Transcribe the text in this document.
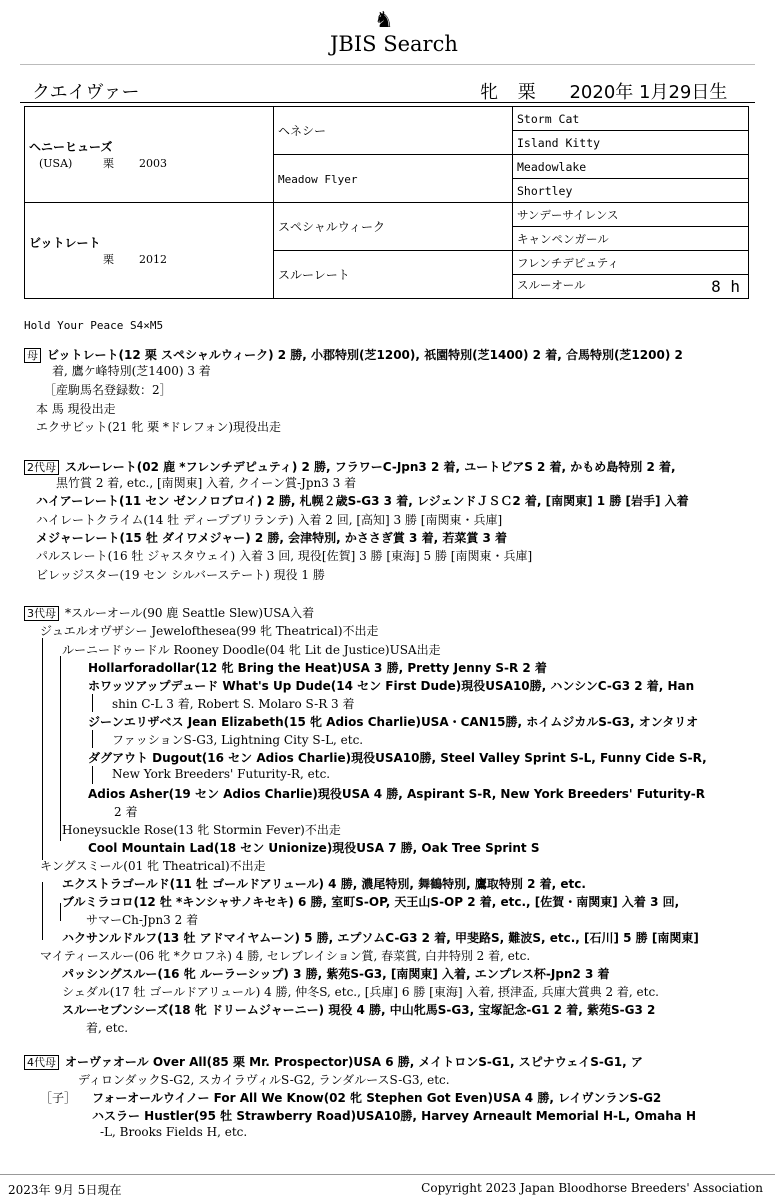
♞
JBIS Search
クエイヴァー	牝 栗 2020年 1月29日生
ヘニーヒューズ
(USA) 栗 2003	ヘネシー	Storm Cat
		Island Kitty
	Meadow Flyer	Meadowlake
		Shortley

ビットレート
栗 2012	スペシャルウィーク	サンデーサイレンス
		キャンペンガール
	スルーレート	フレンチデピュティ
		スルーオール 8 h
Hold Your Peace S4×M5
母 ビットレート(12 栗 スペシャルウィーク) 2 勝, 小郡特別(芝1200), 祇園特別(芝1400) 2 着, 合馬特別(芝1200) 2
着, 鷹ケ峰特別(芝1400) 3 着
［産駒馬名登録数：2］
本 馬 現役出走
エクサビット(21 牝 栗 *ドレフォン)現役出走
2代母 スルーレート(02 鹿 *フレンチデピュティ) 2 勝, フラワーC-Jpn3 2 着, ユートピアS 2 着, かもめ島特別 2 着,
黒竹賞 2 着, etc., [南関東] 入着, クイーン賞-Jpn3 3 着
ハイアーレート(11 セン ゼンノロブロイ) 2 勝, 札幌２歳S-G3 3 着, レジェンドＪＳＣ2 着, [南関東] 1 勝 [岩手] 入着
ハイレートクライム(14 牡 ディープブリランテ) 入着 2 回, [高知] 3 勝 [南関東・兵庫]
メジャーレート(15 牡 ダイワメジャー) 2 勝, 会津特別, かささぎ賞 3 着, 若菜賞 3 着
パルスレート(16 牡 ジャスタウェイ) 入着 3 回, 現役[佐賀] 3 勝 [東海] 5 勝 [南関東・兵庫]
ビレッジスター(19 セン シルバーステート) 現役 1 勝
3代母 *スルーオール(90 鹿 Seattle Slew)USA入着
ジュエルオヴザシー Jewelofthesea(99 牝 Theatrical)不出走
ルーニードゥードル Rooney Doodle(04 牝 Lit de Justice)USA出走
Hollarforadollar(12 牝 Bring the Heat)USA 3 勝, Pretty Jenny S-R 2 着
ホワッツアップデュード What's Up Dude(14 セン First Dude)現役USA10勝, ハンシンC-G3 2 着, Han
shin C-L 3 着, Robert S. Molaro S-R 3 着
ジーンエリザベス Jean Elizabeth(15 牝 Adios Charlie)USA・CAN15勝, ホイムジカルS-G3, オンタリオ
ファッションS-G3, Lightning City S-L, etc.
ダグアウト Dugout(16 セン Adios Charlie)現役USA10勝, Steel Valley Sprint S-L, Funny Cide S-R,
New York Breeders' Futurity-R, etc.
Adios Asher(19 セン Adios Charlie)現役USA 4 勝, Aspirant S-R, New York Breeders' Futurity-R
2 着
Honeysuckle Rose(13 牝 Stormin Fever)不出走
Cool Mountain Lad(18 セン Unionize)現役USA 7 勝, Oak Tree Sprint S
キングスミール(01 牝 Theatrical)不出走
エクストラゴールド(11 牡 ゴールドアリュール) 4 勝, 濃尾特別, 舞鶴特別, 鷹取特別 2 着, etc.
ブルミラコロ(12 牡 *キンシャサノキセキ) 6 勝, 室町S-OP, 天王山S-OP 2 着, etc., [佐賀・南関東] 入着 3 回,
サマーCh-Jpn3 2 着
ハクサンルドルフ(13 牡 アドマイヤムーン) 5 勝, エプソムC-G3 2 着, 甲斐路S, 難波S, etc., [石川] 5 勝 [南関東]
マイティースルー(06 牝 *クロフネ) 4 勝, セレブレイション賞, 春菜賞, 白井特別 2 着, etc.
パッシングスルー(16 牝 ルーラーシップ) 3 勝, 紫苑S-G3, [南関東] 入着, エンプレス杯-Jpn2 3 着
シェダル(17 牡 ゴールドアリュール) 4 勝, 仲冬S, etc., [兵庫] 6 勝 [東海] 入着, 摂津盃, 兵庫大賞典 2 着, etc.
スルーセブンシーズ(18 牝 ドリームジャーニー) 現役 4 勝, 中山牝馬S-G3, 宝塚記念-G1 2 着, 紫苑S-G3 2
着, etc.
4代母 オーヴァオール Over All(85 栗 Mr. Prospector)USA 6 勝, メイトロンS-G1, スピナウェイS-G1, ア
ディロンダックS-G2, スカイラヴィルS-G2, ランダルースS-G3, etc.
［子］ フォーオールウイノー For All We Know(02 牝 Stephen Got Even)USA 4 勝, レイヴンランS-G2
ハスラー Hustler(95 牡 Strawberry Road)USA10勝, Harvey Arneault Memorial H-L, Omaha H
-L, Brooks Fields H, etc.
2023年 9月 5日現在	Copyright 2023 Japan Bloodhorse Breeders' Association
